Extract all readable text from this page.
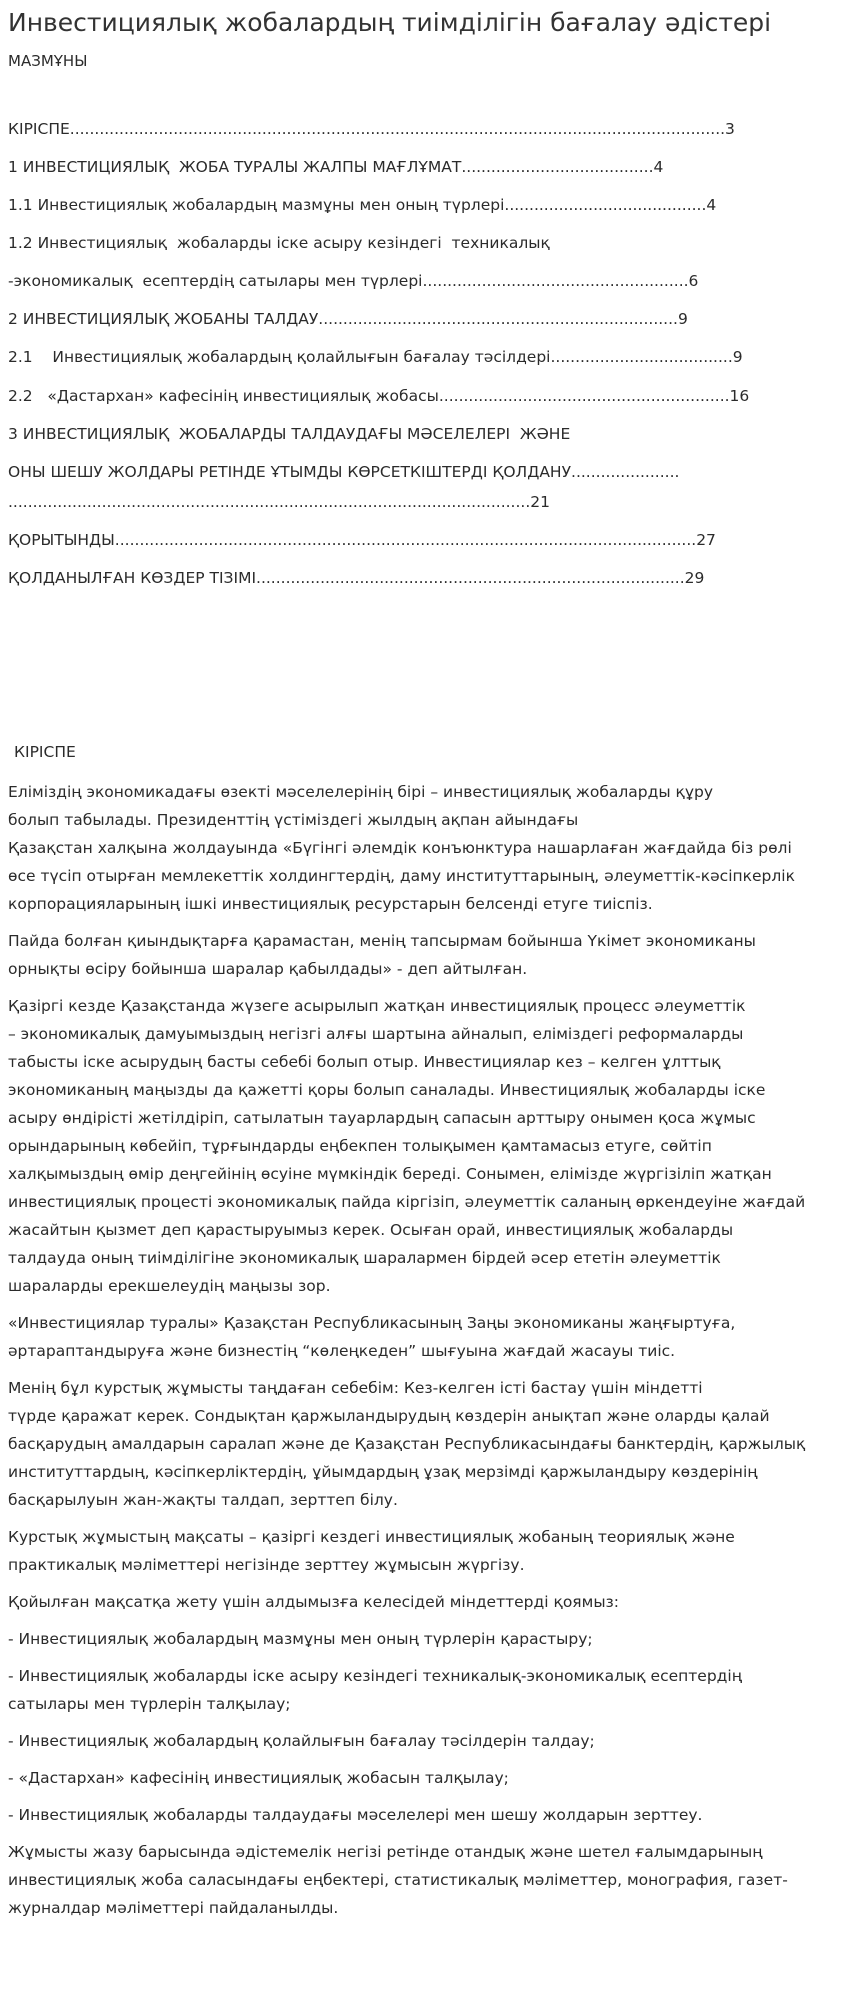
Инвестициялық жобалардың тиімділігін бағалау әдістері
МАЗМҰНЫ
КІРІСПЕ.....................................................................................................................................3
1 ИНВЕСТИЦИЯЛЫҚ  ЖОБА ТУРАЛЫ ЖАЛПЫ МАҒЛҰМАТ.......................................4
1.1 Инвестициялық жобалардың мазмұны мен оның түрлері.........................................4
1.2 Инвестициялық  жобаларды іске асыру кезіндегі  техникалық
-экономикалық  есептердің сатылары мен түрлері......................................................6
2 ИНВЕСТИЦИЯЛЫҚ ЖОБАНЫ ТАЛДАУ.........................................................................9
2.1    Инвестициялық жобалардың қолайлығын бағалау тәсілдері.....................................9
2.2   «Дастархан» кафесінің инвестициялық жобасы...........................................................16
3 ИНВЕСТИЦИЯЛЫҚ  ЖОБАЛАРДЫ ТАЛДАУДАҒЫ МӘСЕЛЕЛЕРІ  ЖӘНЕ
ОНЫ ШЕШУ ЖОЛДАРЫ РЕТІНДЕ ҰТЫМДЫ КӨРСЕТКІШТЕРДІ ҚОЛДАНУ......................
..........................................................................................................21
ҚОРЫТЫНДЫ......................................................................................................................27
ҚОЛДАНЫЛҒАН КӨЗДЕР ТІЗІМІ.......................................................................................29
КІРІСПЕ

Еліміздің экономикадағы өзекті мәселелерінің бірі – инвестициялық жобаларды құру
болып табылады. Президенттің үстіміздегі жылдың ақпан айындағы
Қазақстан халқына жолдауында «Бүгінгі әлемдік конъюнктура нашарлаған жағдайда біз рөлі
өсе түсіп отырған мемлекеттік холдингтердің, даму институттарының, әлеуметтік-кәсіпкерлік
корпорацияларының ішкі инвестициялық ресурстарын белсенді етуге тиіспіз.

Пайда болған қиындықтарға қарамастан, менің тапсырмам бойынша Үкімет экономиканы
орнықты өсіру бойынша шаралар қабылдады» - деп айтылған.

Қазіргі кезде Қазақстанда жүзеге асырылып жатқан инвестициялық процесс әлеуметтік
– экономикалық дамуымыздың негізгі алғы шартына айналып, еліміздегі реформаларды
табысты іске асырудың басты себебі болып отыр. Инвестициялар кез – келген ұлттық
экономиканың маңызды да қажетті қоры болып саналады. Инвестициялық жобаларды іске
асыру өндірісті жетілдіріп, сатылатын тауарлардың сапасын арттыру онымен қоса жұмыс
орындарының көбейіп, тұрғындарды еңбекпен толықымен қамтамасыз етуге, сөйтіп
халқымыздың өмір деңгейінің өсуіне мүмкіндік береді. Сонымен, елімізде жүргізіліп жатқан
инвестициялық процесті экономикалық пайда кіргізіп, әлеуметтік саланың өркендеуіне жағдай
жасайтын қызмет деп қарастыруымыз керек. Осыған орай, инвестициялық жобаларды
талдауда оның тиімділігіне экономикалық шаралармен бірдей әсер ететін әлеуметтік
шараларды ерекшелеудің маңызы зор.

«Инвестициялар туралы» Қазақстан Республикасының Заңы экономиканы жаңғыртуға,
әртараптандыруға және бизнестің “көлеңкеден” шығуына жағдай жасауы тиіс.

Менің бұл курстық жұмысты таңдаған себебім: Кез-келген істі бастау үшін міндетті
түрде қаражат керек. Сондықтан қаржыландырудың көздерін анықтап және оларды қалай
басқарудың амалдарын саралап және де Қазақстан Республикасындағы банктердің, қаржылық
институттардың, кәсіпкерліктердің, ұйымдардың ұзақ мерзімді қаржыландыру көздерінің
басқарылуын жан-жақты талдап, зерттеп білу.

Курстық жұмыстың мақсаты – қазіргі кездегі инвестициялық жобаның теориялық және
практикалық мәліметтері негізінде зерттеу жұмысын жүргізу.

Қойылған мақсатқа жету үшін алдымызға келесідей міндеттерді қоямыз:

- Инвестициялық жобалардың мазмұны мен оның түрлерін қарастыру;

- Инвестициялық жобаларды іске асыру кезіндегі техникалық-экономикалық есептердің
сатылары мен түрлерін талқылау;

- Инвестициялық жобалардың қолайлығын бағалау тәсілдерін талдау;

- «Дастархан» кафесінің инвестициялық жобасын талқылау;

- Инвестициялық жобаларды талдаудағы мәселелері мен шешу жолдарын зерттеу.

Жұмысты жазу барысында әдістемелік негізі ретінде отандық және шетел ғалымдарының
инвестициялық жоба саласындағы еңбектері, статистикалық мәліметтер, монография, газет-
журналдар мәліметтері пайдаланылды.
